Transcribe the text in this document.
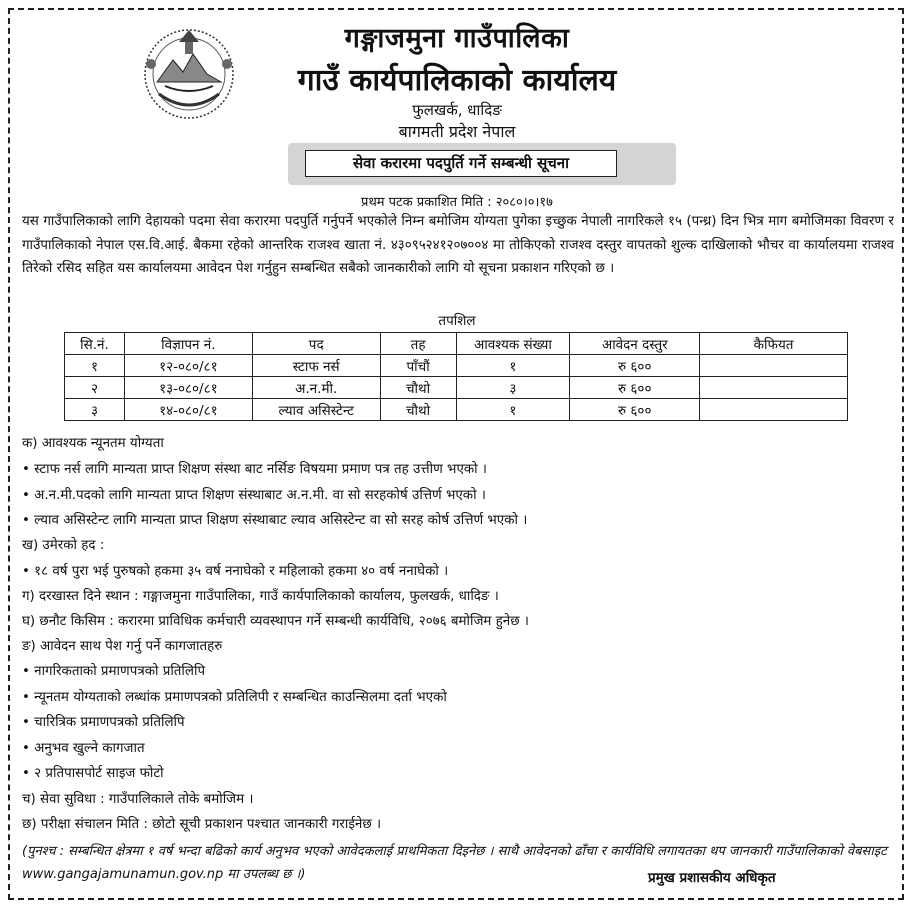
गङ्गाजमुना गाउँपालिका
गाउँ कार्यपालिकाको कार्यालय
फुलखर्क, धादिङ
बागमती प्रदेश नेपाल
सेवा करारमा पदपुर्ति गर्ने सम्बन्धी सूचना
प्रथम पटक प्रकाशित मिति : २०८०।०।१७
यस गाउँपालिकाको लागि देहायको पदमा सेवा करारमा पदपुर्ति गर्नुपर्ने भएकोले निम्न बमोजिम योग्यता पुगेका इच्छुक नेपाली नागरिकले १५ (पन्ध्र) दिन भित्र माग बमोजिमका विवरण र गाउँपालिकाको नेपाल एस.वि.आई. बैकमा रहेको आन्तरिक राजश्व खाता नं. ४३०९५२४१२०७००४ मा तोकिएको राजश्व दस्तुर वापतको शुल्क दाखिलाको भौचर वा कार्यालयमा राजश्व तिरेको रसिद सहित यस कार्यालयमा आवेदन पेश गर्नुहुन सम्बन्धित सबैको जानकारीको लागि यो सूचना प्रकाशन गरिएको छ ।
तपशिल
सि.नं.	विज्ञापन नं.	पद	तह	आवश्यक संख्या	आवेदन दस्तुर	कैफियत
१	१२-०८०/८१	स्टाफ नर्स	पाँचौं	१	रु ६००	
२	१३-०८०/८१	अ.न.मी.	चौथो	३	रु ६००	
३	१४-०८०/८१	ल्याव असिस्टेन्ट	चौथो	१	रु ६००	
क) आवश्यक न्यूनतम योग्यता
• स्टाफ नर्स लागि मान्यता प्राप्त शिक्षण संस्था बाट नर्सिङ विषयमा प्रमाण पत्र तह उत्तीण भएको ।
• अ.न.मी.पदको लागि मान्यता प्राप्त शिक्षण संस्थाबाट अ.न.मी. वा सो सरहकोर्ष उत्तिर्ण भएको ।
• ल्याव असिस्टेन्ट लागि मान्यता प्राप्त शिक्षण संस्थाबाट ल्याव असिस्टेन्ट वा सो सरह कोर्ष उत्तिर्ण भएको ।
ख) उमेरको हद :
• १८ वर्ष पुरा भई पुरुषको हकमा ३५ वर्ष ननाघेको र महिलाको हकमा ४० वर्ष ननाघेको ।
ग) दरखास्त दिने स्थान : गङ्गाजमुना गाउँपालिका, गाउँ कार्यपालिकाको कार्यालय, फुलखर्क, धादिङ ।
घ) छनौट किसिम : करारमा प्राविधिक कर्मचारी व्यवस्थापन गर्ने सम्बन्धी कार्यविधि, २०७६ बमोजिम हुनेछ ।
ङ) आवेदन साथ पेश गर्नु पर्ने कागजातहरु
• नागरिकताको प्रमाणपत्रको प्रतिलिपि
• न्यूनतम योग्यताको लब्धांक प्रमाणपत्रको प्रतिलिपी र सम्बन्धित काउन्सिलमा दर्ता भएको
• चारित्रिक प्रमाणपत्रको प्रतिलिपि
• अनुभव खुल्ने कागजात
• २ प्रतिपासपोर्ट साइज फोटो
च) सेवा सुविधा : गाउँपालिकाले तोके बमोजिम ।
छ) परीक्षा संचालन मिति : छोटो सूची प्रकाशन पश्चात जानकारी गराईनेछ ।
(पुनश्च : सम्बन्धित क्षेत्रमा १ वर्ष भन्दा बढिको कार्य अनुभव भएको आवेदकलाई प्राथमिकता दिइनेछ । साथै आवेदनको ढाँचा र कार्यविधि लगायतका थप जानकारी गाउँपालिकाको वेबसाइट www.gangajamunamun.gov.np मा उपलब्ध छ ।)	प्रमुख प्रशासकीय अधिकृत
